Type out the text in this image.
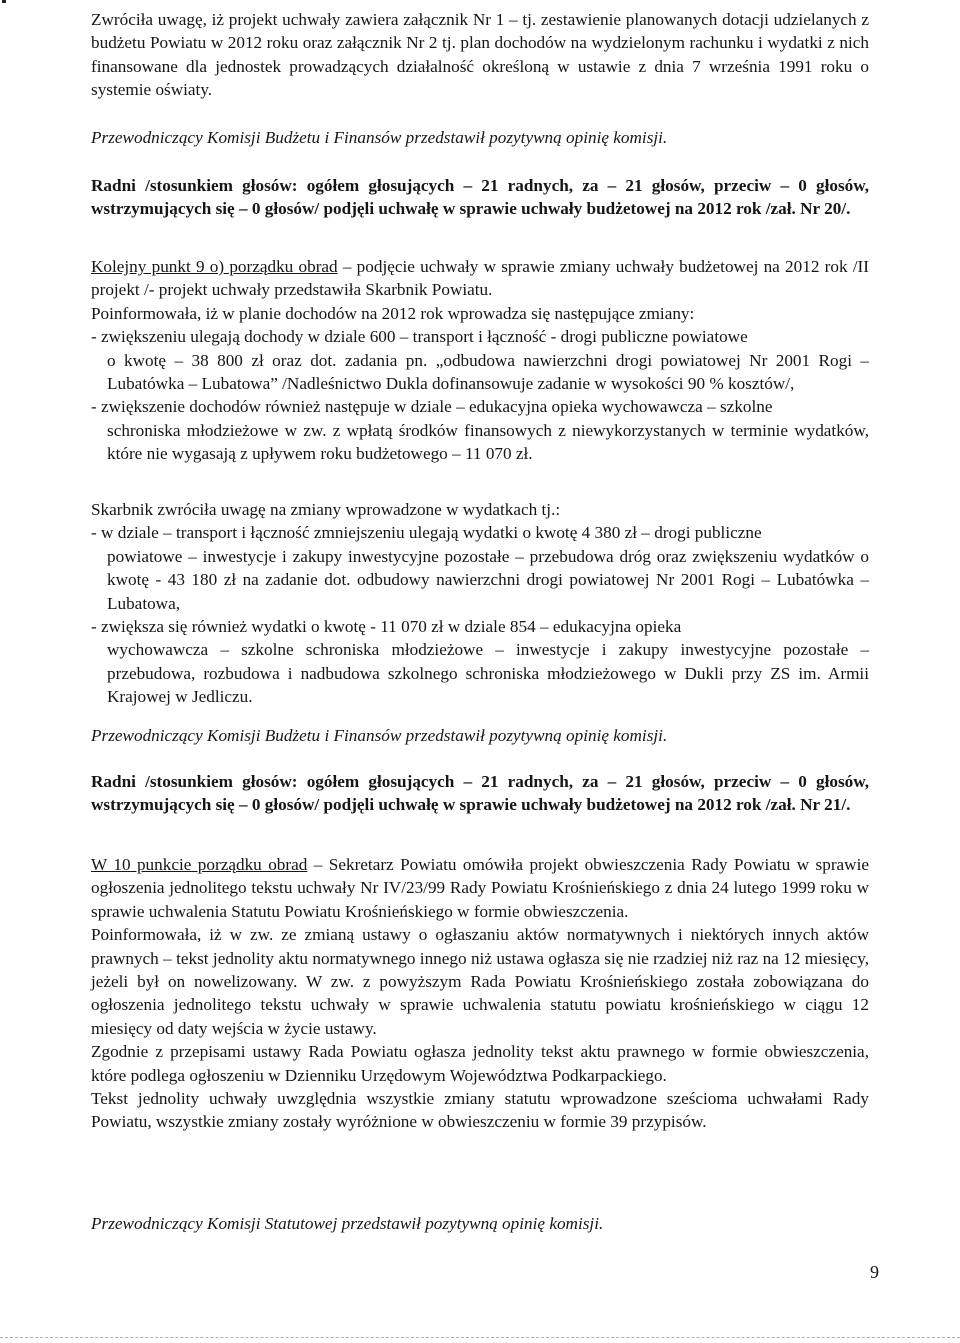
Zwróciła uwagę, iż projekt uchwały zawiera załącznik Nr 1 – tj. zestawienie planowanych dotacji udzielanych z budżetu Powiatu w 2012 roku oraz załącznik Nr 2 tj. plan dochodów na wydzielonym rachunku i wydatki z nich finansowane dla jednostek prowadzących działalność określoną w ustawie z dnia 7 września 1991 roku o systemie oświaty.
Przewodniczący Komisji Budżetu i Finansów przedstawił pozytywną opinię komisji.
Radni /stosunkiem głosów: ogółem głosujących – 21 radnych, za – 21 głosów, przeciw – 0 głosów, wstrzymujących się – 0 głosów/ podjęli uchwałę w sprawie uchwały budżetowej na 2012 rok /zał. Nr 20/.
Kolejny punkt 9 o) porządku obrad – podjęcie uchwały w sprawie zmiany uchwały budżetowej na 2012 rok /II projekt /- projekt uchwały przedstawiła Skarbnik Powiatu.
Poinformowała, iż w planie dochodów na 2012 rok wprowadza się następujące zmiany:
- zwiększeniu ulegają dochody w dziale 600 – transport i łączność - drogi publiczne powiatowe
o kwotę – 38 800 zł oraz dot. zadania pn. „odbudowa nawierzchni drogi powiatowej Nr 2001 Rogi – Lubatówka – Lubatowa” /Nadleśnictwo Dukla dofinansowuje zadanie w wysokości 90 % kosztów/,
- zwiększenie dochodów również następuje w dziale – edukacyjna opieka wychowawcza – szkolne
schroniska młodzieżowe w zw. z wpłatą środków finansowych z niewykorzystanych w terminie wydatków, które nie wygasają z upływem roku budżetowego – 11 070 zł.
Skarbnik zwróciła uwagę na zmiany wprowadzone w wydatkach tj.:
- w dziale – transport i łączność zmniejszeniu ulegają wydatki o kwotę 4 380 zł – drogi publiczne
powiatowe – inwestycje i zakupy inwestycyjne pozostałe – przebudowa dróg oraz zwiększeniu wydatków o kwotę - 43 180 zł na zadanie dot. odbudowy nawierzchni drogi powiatowej Nr 2001 Rogi – Lubatówka – Lubatowa,
- zwiększa się również wydatki o kwotę - 11 070 zł w dziale 854 – edukacyjna opieka
wychowawcza – szkolne schroniska młodzieżowe – inwestycje i zakupy inwestycyjne pozostałe – przebudowa, rozbudowa i nadbudowa szkolnego schroniska młodzieżowego w Dukli przy ZS im. Armii Krajowej w Jedliczu.
Przewodniczący Komisji Budżetu i Finansów przedstawił pozytywną opinię komisji.
Radni /stosunkiem głosów: ogółem głosujących – 21 radnych, za – 21 głosów, przeciw – 0 głosów, wstrzymujących się – 0 głosów/ podjęli uchwałę w sprawie uchwały budżetowej na 2012 rok /zał. Nr 21/.
W 10 punkcie porządku obrad – Sekretarz Powiatu omówiła projekt obwieszczenia Rady Powiatu w sprawie ogłoszenia jednolitego tekstu uchwały Nr IV/23/99 Rady Powiatu Krośnieńskiego z dnia 24 lutego 1999 roku w sprawie uchwalenia Statutu Powiatu Krośnieńskiego w formie obwieszczenia.
Poinformowała, iż w zw. ze zmianą ustawy o ogłaszaniu aktów normatywnych i niektórych innych aktów prawnych – tekst jednolity aktu normatywnego innego niż ustawa ogłasza się nie rzadziej niż raz na 12 miesięcy, jeżeli był on nowelizowany. W zw. z powyższym Rada Powiatu Krośnieńskiego została zobowiązana do ogłoszenia jednolitego tekstu uchwały w sprawie uchwalenia statutu powiatu krośnieńskiego w ciągu 12 miesięcy od daty wejścia w życie ustawy.
Zgodnie z przepisami ustawy Rada Powiatu ogłasza jednolity tekst aktu prawnego w formie obwieszczenia, które podlega ogłoszeniu w Dzienniku Urzędowym Województwa Podkarpackiego.
Tekst jednolity uchwały uwzględnia wszystkie zmiany statutu wprowadzone sześcioma uchwałami Rady Powiatu, wszystkie zmiany zostały wyróżnione w obwieszczeniu w formie 39 przypisów.
Przewodniczący Komisji Statutowej przedstawił pozytywną opinię komisji.
9
